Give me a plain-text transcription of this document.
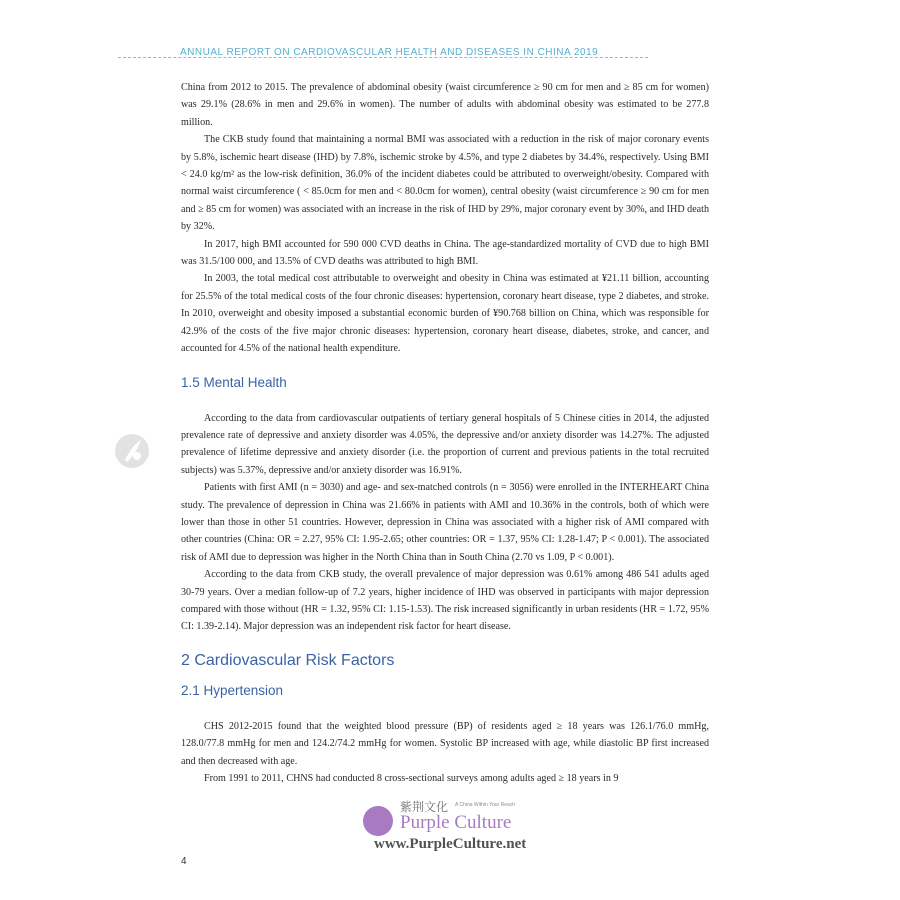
ANNUAL REPORT ON CARDIOVASCULAR HEALTH AND DISEASES IN CHINA 2019

China from 2012 to 2015. The prevalence of abdominal obesity (waist circumference ≥ 90 cm for men and ≥ 85 cm for women) was 29.1% (28.6% in men and 29.6% in women). The number of adults with abdominal obesity was estimated to be 277.8 million.

The CKB study found that maintaining a normal BMI was associated with a reduction in the risk of major coronary events by 5.8%, ischemic heart disease (IHD) by 7.8%, ischemic stroke by 4.5%, and type 2 diabetes by 34.4%, respectively. Using BMI < 24.0 kg/m² as the low-risk definition, 36.0% of the incident diabetes could be attributed to overweight/obesity. Compared with normal waist circumference ( < 85.0cm for men and < 80.0cm for women), central obesity (waist circumference ≥ 90 cm for men and ≥ 85 cm for women) was associated with an increase in the risk of IHD by 29%, major coronary event by 30%, and IHD death by 32%.

In 2017, high BMI accounted for 590 000 CVD deaths in China. The age-standardized mortality of CVD due to high BMI was 31.5/100 000, and 13.5% of CVD deaths was attributed to high BMI.

In 2003, the total medical cost attributable to overweight and obesity in China was estimated at ¥21.11 billion, accounting for 25.5% of the total medical costs of the four chronic diseases: hypertension, coronary heart disease, type 2 diabetes, and stroke. In 2010, overweight and obesity imposed a substantial economic burden of ¥90.768 billion on China, which was responsible for 42.9% of the costs of the five major chronic diseases: hypertension, coronary heart disease, diabetes, stroke, and cancer, and accounted for 4.5% of the national health expenditure.

1.5 Mental Health

According to the data from cardiovascular outpatients of tertiary general hospitals of 5 Chinese cities in 2014, the adjusted prevalence rate of depressive and anxiety disorder was 4.05%, the depressive and/or anxiety disorder was 14.27%. The adjusted prevalence of lifetime depressive and anxiety disorder (i.e. the proportion of current and previous patients in the total recruited subjects) was 5.37%, depressive and/or anxiety disorder was 16.91%.

Patients with first AMI (n = 3030) and age- and sex-matched controls (n = 3056) were enrolled in the INTERHEART China study. The prevalence of depression in China was 21.66% in patients with AMI and 10.36% in the controls, both of which were lower than those in other 51 countries. However, depression in China was associated with a higher risk of AMI compared with other countries (China: OR = 2.27, 95% CI: 1.95-2.65; other countries: OR = 1.37, 95% CI: 1.28-1.47; P < 0.001). The associated risk of AMI due to depression was higher in the North China than in South China (2.70 vs 1.09, P < 0.001).

According to the data from CKB study, the overall prevalence of major depression was 0.61% among 486 541 adults aged 30-79 years. Over a median follow-up of 7.2 years, higher incidence of IHD was observed in participants with major depression compared with those without (HR = 1.32, 95% CI: 1.15-1.53). The risk increased significantly in urban residents (HR = 1.72, 95% CI: 1.39-2.14). Major depression was an independent risk factor for heart disease.

2 Cardiovascular Risk Factors
2.1 Hypertension

CHS 2012-2015 found that the weighted blood pressure (BP) of residents aged ≥ 18 years was 126.1/76.0 mmHg, 128.0/77.8 mmHg for men and 124.2/74.2 mmHg for women. Systolic BP increased with age, while diastolic BP first increased and then decreased with age.

From 1991 to 2011, CHNS had conducted 8 cross-sectional surveys among adults aged ≥ 18 years in 9

4
紫荆文化 A China Within Your Reach
Purple Culture
www.PurpleCulture.net
